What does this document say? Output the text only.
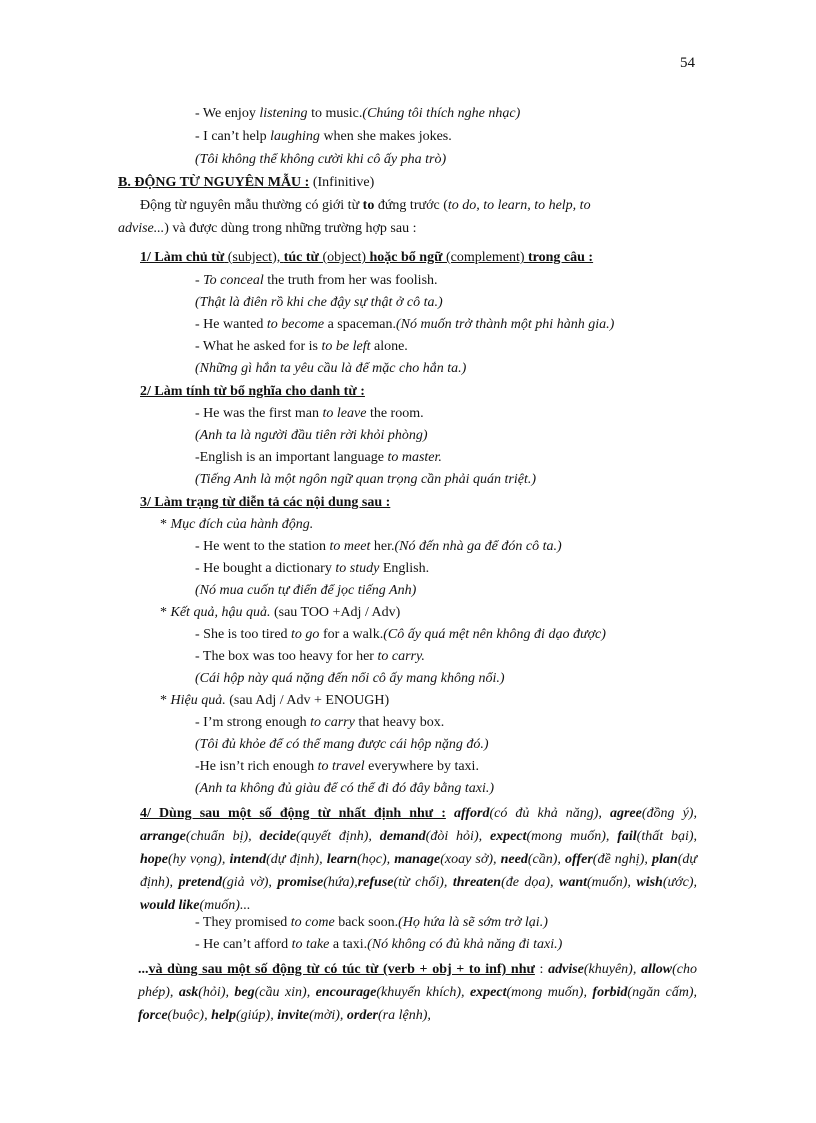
54
- We enjoy listening to music.(Chúng tôi thích nghe nhạc)
- I can’t help laughing when she makes jokes.
(Tôi không thể không cười khi cô ấy pha trò)
B. ĐỘNG TỪ NGUYÊN MẪU : (Infinitive)
Động từ nguyên mẫu thường có giới từ to đứng trước (to do, to learn, to help, to
advise...) và được dùng trong những trường hợp sau :
1/ Làm chủ từ (subject), túc từ (object) hoặc bổ ngữ (complement) trong câu :
- To conceal the truth from her was foolish.
(Thật là điên rồ khi che đậy sự thật ở cô ta.)
- He wanted to become a spaceman.(Nó muốn trở thành một phi hành gia.)
- What he asked for is to be left alone.
(Những gì hắn ta yêu cầu là để mặc cho hắn ta.)
2/ Làm tính từ bổ nghĩa cho danh từ :
- He was the first man to leave the room.
(Anh ta là người đầu tiên rời khỏi phòng)
-English is an important language to master.
(Tiếng Anh là một ngôn ngữ quan trọng cần phải quán triệt.)
3/ Làm trạng từ diễn tả các nội dung sau :
* Mục đích của hành động.
- He went to the station to meet her.(Nó đến nhà ga để đón cô ta.)
- He bought a dictionary to study English.
(Nó mua cuốn tự điển để jọc tiếng Anh)
* Kết quả, hậu quả. (sau TOO +Adj / Adv)
- She is too tired to go for a walk.(Cô ấy quá mệt nên không đi dạo được)
- The box was too heavy for her to carry.
(Cái hộp này quá nặng đến nổi cô ấy mang không nổi.)
* Hiệu quả. (sau Adj / Adv + ENOUGH)
- I’m strong enough to carry that heavy box.
(Tôi đủ khỏe để có thể mang được cái hộp nặng đó.)
-He isn’t rich enough to travel everywhere by taxi.
(Anh ta không đủ giàu để có thể đi đó đây bằng taxi.)
4/ Dùng sau một số động từ nhất định như : afford(có đủ khả năng), agree(đồng ý), arrange(chuẩn bị), decide(quyết định), demand(đòi hỏi), expect(mong muốn), fail(thất bại), hope(hy vọng), intend(dự định), learn(học), manage(xoay sở), need(cần), offer(đề nghị), plan(dự định), pretend(giả vờ), promise(hứa),refuse(từ chối), threaten(đe dọa), want(muốn), wish(ước), would like(muốn)...
- They promised to come back soon.(Họ hứa là sẽ sớm trở lại.)
- He can’t afford to take a taxi.(Nó không có đủ khả năng đi taxi.)
...và dùng sau một số động từ có túc từ (verb + obj + to inf) như : advise(khuyên), allow(cho phép), ask(hỏi), beg(cầu xin), encourage(khuyến khích), expect(mong muốn), forbid(ngăn cấm), force(buộc), help(giúp), invite(mời), order(ra lệnh),
